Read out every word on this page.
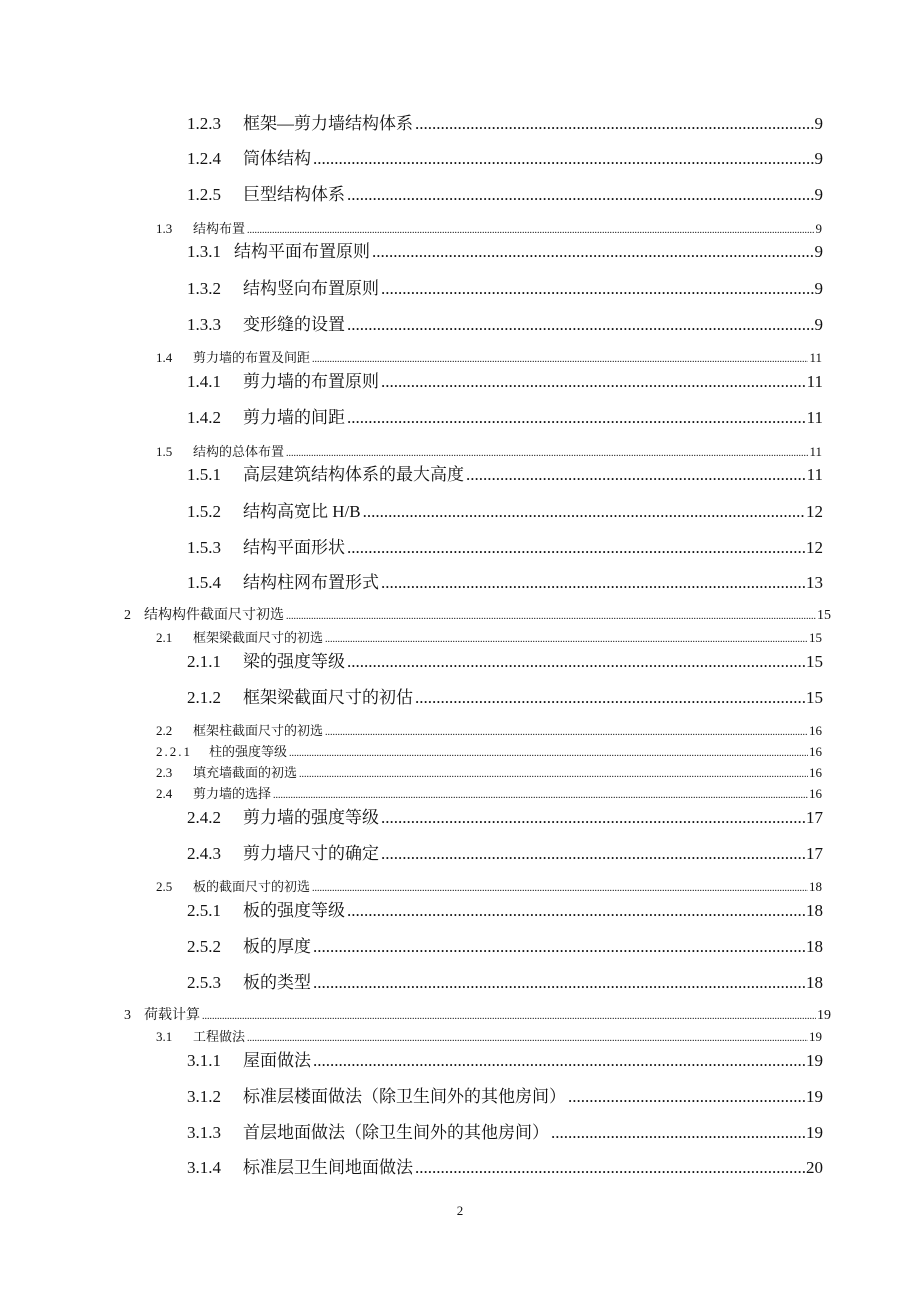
1.2.3	框架—剪力墙结构体系 .....	9
1.2.4	筒体结构 .....	9
1.2.5	巨型结构体系 .....	9
1.3	结构布置 .....	9
1.3.1 结构平面布置原则 .....	9
1.3.2	结构竖向布置原则 .....	9
1.3.3	变形缝的设置 .....	9
1.4	剪力墙的布置及间距 .....	11
1.4.1	剪力墙的布置原则 .....	11
1.4.2	剪力墙的间距 .....	11
1.5	结构的总体布置 .....	11
1.5.1	高层建筑结构体系的最大高度 .....	11
1.5.2	结构高宽比 H/B .....	12
1.5.3	结构平面形状 .....	12
1.5.4	结构柱网布置形式 .....	13
2 结构构件截面尺寸初选 .....	15
2.1	框架梁截面尺寸的初选 .....	15
2.1.1	梁的强度等级 .....	15
2.1.2	框架梁截面尺寸的初估 .....	15
2.2	框架柱截面尺寸的初选 .....	16
2.2.1	柱的强度等级 .....	16
2.3	填充墙截面的初选 .....	16
2.4	剪力墙的选择 .....	16
2.4.2	剪力墙的强度等级 .....	17
2.4.3	剪力墙尺寸的确定 .....	17
2.5	板的截面尺寸的初选 .....	18
2.5.1	板的强度等级 .....	18
2.5.2	板的厚度 .....	18
2.5.3	板的类型 .....	18
3 荷载计算 .....	19
3.1	工程做法 .....	19
3.1.1	屋面做法 .....	19
3.1.2	标准层楼面做法（除卫生间外的其他房间） .....	19
3.1.3	首层地面做法（除卫生间外的其他房间） .....	19
3.1.4	标准层卫生间地面做法 .....	20
2
